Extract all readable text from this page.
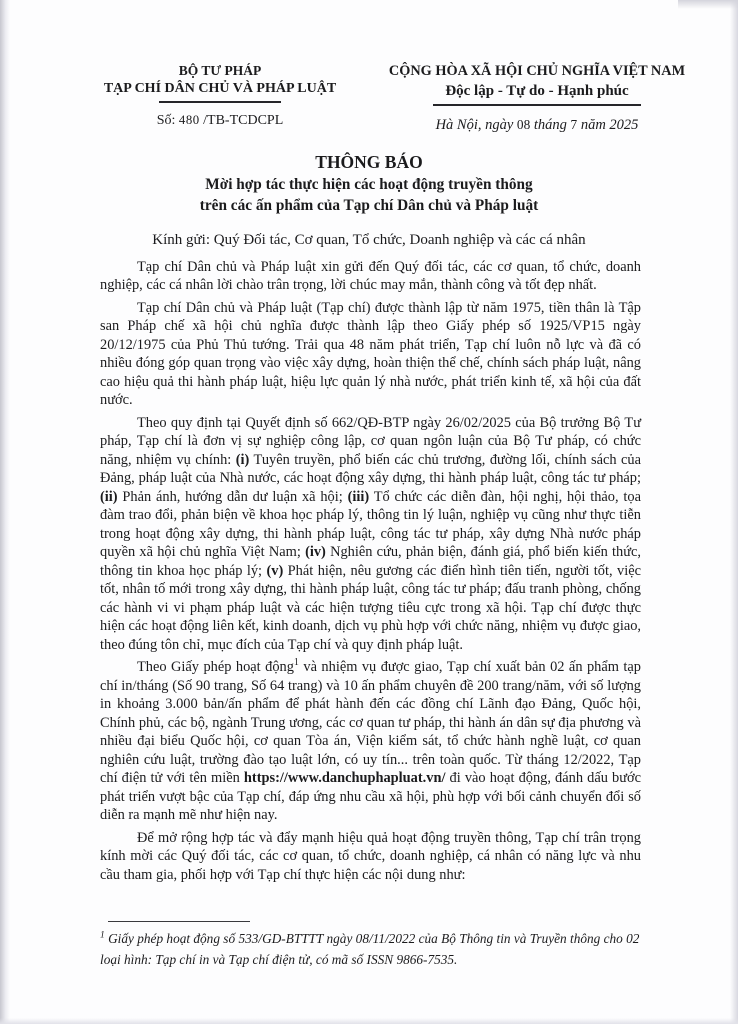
BỘ TƯ PHÁP
TẠP CHÍ DÂN CHỦ VÀ PHÁP LUẬT
Số: 480 /TB-TCDCPL
CỘNG HÒA XÃ HỘI CHỦ NGHĨA VIỆT NAM
Độc lập - Tự do - Hạnh phúc
Hà Nội, ngày 08 tháng 7 năm 2025
THÔNG BÁO
Mời hợp tác thực hiện các hoạt động truyền thông
trên các ấn phẩm của Tạp chí Dân chủ và Pháp luật
Kính gửi: Quý Đối tác, Cơ quan, Tổ chức, Doanh nghiệp và các cá nhân

Tạp chí Dân chủ và Pháp luật xin gửi đến Quý đối tác, các cơ quan, tổ chức, doanh nghiệp, các cá nhân lời chào trân trọng, lời chúc may mắn, thành công và tốt đẹp nhất.

Tạp chí Dân chủ và Pháp luật (Tạp chí) được thành lập từ năm 1975, tiền thân là Tập san Pháp chế xã hội chủ nghĩa được thành lập theo Giấy phép số 1925/VP15 ngày 20/12/1975 của Phủ Thủ tướng. Trải qua 48 năm phát triển, Tạp chí luôn nỗ lực và đã có nhiều đóng góp quan trọng vào việc xây dựng, hoàn thiện thể chế, chính sách pháp luật, nâng cao hiệu quả thi hành pháp luật, hiệu lực quản lý nhà nước, phát triển kinh tế, xã hội của đất nước.

Theo quy định tại Quyết định số 662/QĐ-BTP ngày 26/02/2025 của Bộ trưởng Bộ Tư pháp, Tạp chí là đơn vị sự nghiệp công lập, cơ quan ngôn luận của Bộ Tư pháp, có chức năng, nhiệm vụ chính: (i) Tuyên truyền, phổ biến các chủ trương, đường lối, chính sách của Đảng, pháp luật của Nhà nước, các hoạt động xây dựng, thi hành pháp luật, công tác tư pháp; (ii) Phản ánh, hướng dẫn dư luận xã hội; (iii) Tổ chức các diễn đàn, hội nghị, hội thảo, tọa đàm trao đổi, phản biện về khoa học pháp lý, thông tin lý luận, nghiệp vụ cũng như thực tiễn trong hoạt động xây dựng, thi hành pháp luật, công tác tư pháp, xây dựng Nhà nước pháp quyền xã hội chủ nghĩa Việt Nam; (iv) Nghiên cứu, phản biện, đánh giá, phổ biến kiến thức, thông tin khoa học pháp lý; (v) Phát hiện, nêu gương các điển hình tiên tiến, người tốt, việc tốt, nhân tố mới trong xây dựng, thi hành pháp luật, công tác tư pháp; đấu tranh phòng, chống các hành vi vi phạm pháp luật và các hiện tượng tiêu cực trong xã hội. Tạp chí được thực hiện các hoạt động liên kết, kinh doanh, dịch vụ phù hợp với chức năng, nhiệm vụ được giao, theo đúng tôn chỉ, mục đích của Tạp chí và quy định pháp luật.

Theo Giấy phép hoạt động$^1$ và nhiệm vụ được giao, Tạp chí xuất bản 02 ấn phẩm tạp chí in/tháng (Số 90 trang, Số 64 trang) và 10 ấn phẩm chuyên đề 200 trang/năm, với số lượng in khoảng 3.000 bản/ấn phẩm để phát hành đến các đồng chí Lãnh đạo Đảng, Quốc hội, Chính phủ, các bộ, ngành Trung ương, các cơ quan tư pháp, thi hành án dân sự địa phương và nhiều đại biểu Quốc hội, cơ quan Tòa án, Viện kiểm sát, tổ chức hành nghề luật, cơ quan nghiên cứu luật, trường đào tạo luật lớn, có uy tín... trên toàn quốc. Từ tháng 12/2022, Tạp chí điện tử với tên miền https://www.danchuphapluat.vn/ đi vào hoạt động, đánh dấu bước phát triển vượt bậc của Tạp chí, đáp ứng nhu cầu xã hội, phù hợp với bối cảnh chuyển đổi số diễn ra mạnh mẽ như hiện nay.

Để mở rộng hợp tác và đẩy mạnh hiệu quả hoạt động truyền thông, Tạp chí trân trọng kính mời các Quý đối tác, các cơ quan, tổ chức, doanh nghiệp, cá nhân có năng lực và nhu cầu tham gia, phối hợp với Tạp chí thực hiện các nội dung như:

$^1$ Giấy phép hoạt động số 533/GD-BTTTT ngày 08/11/2022 của Bộ Thông tin và Truyền thông cho 02 loại hình: Tạp chí in và Tạp chí điện tử, có mã số ISSN 9866-7535.
